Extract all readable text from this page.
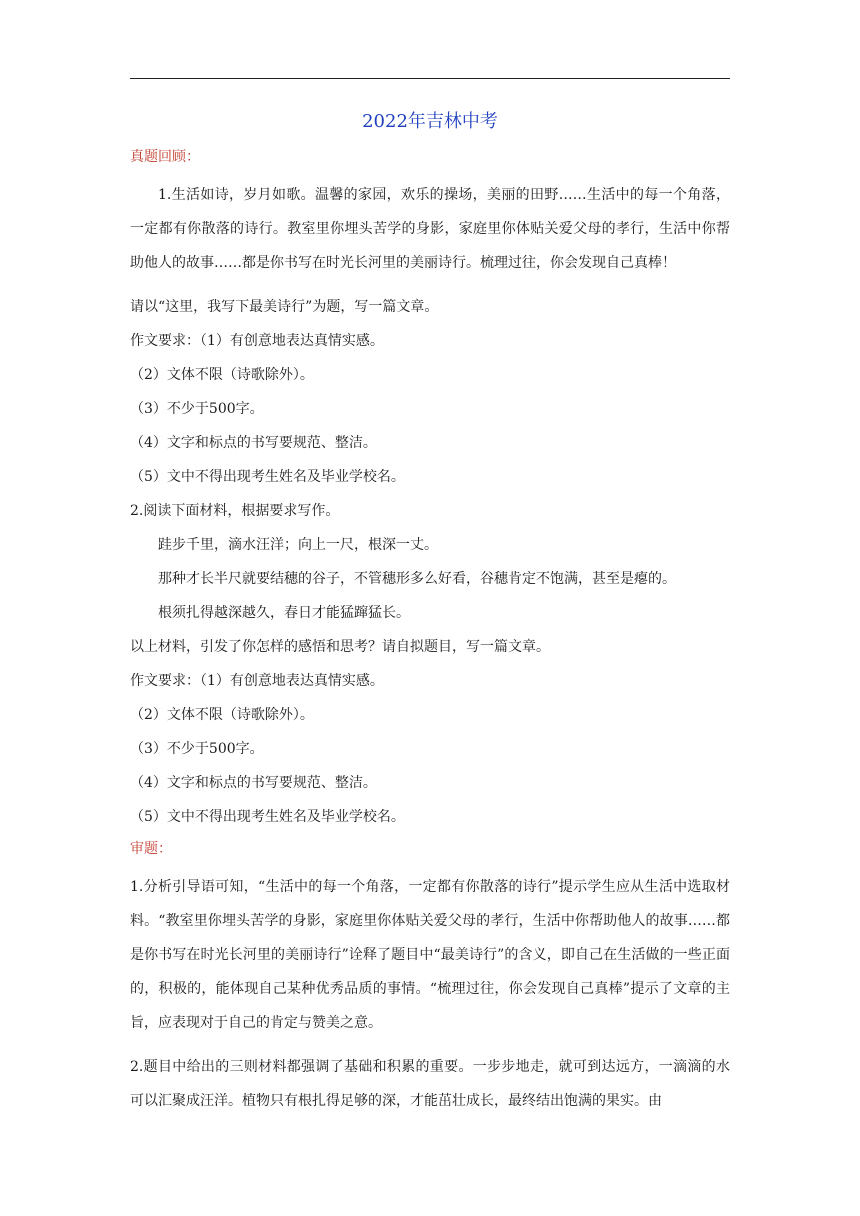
2022年吉林中考
真题回顾：

1.生活如诗，岁月如歌。温馨的家园，欢乐的操场，美丽的田野……生活中的每一个角落，一定都有你散落的诗行。教室里你埋头苦学的身影，家庭里你体贴关爱父母的孝行，生活中你帮助他人的故事……都是你书写在时光长河里的美丽诗行。梳理过往，你会发现自己真棒！

请以“这里，我写下最美诗行”为题，写一篇文章。

作文要求：（1）有创意地表达真情实感。

（2）文体不限（诗歌除外）。

（3）不少于500字。

（4）文字和标点的书写要规范、整洁。

（5）文中不得出现考生姓名及毕业学校名。

2.阅读下面材料，根据要求写作。

跬步千里，滴水汪洋；向上一尺，根深一丈。

那种才长半尺就要结穗的谷子，不管穗形多么好看，谷穗肯定不饱满，甚至是瘪的。

根须扎得越深越久，春日才能猛蹿猛长。

以上材料，引发了你怎样的感悟和思考？请自拟题目，写一篇文章。

作文要求：（1）有创意地表达真情实感。

（2）文体不限（诗歌除外）。

（3）不少于500字。

（4）文字和标点的书写要规范、整洁。

（5）文中不得出现考生姓名及毕业学校名。

审题：

1.分析引导语可知，“生活中的每一个角落，一定都有你散落的诗行”提示学生应从生活中选取材料。“教室里你埋头苦学的身影，家庭里你体贴关爱父母的孝行，生活中你帮助他人的故事……都是你书写在时光长河里的美丽诗行”诠释了题目中“最美诗行”的含义，即自己在生活做的一些正面的，积极的，能体现自己某种优秀品质的事情。“梳理过往，你会发现自己真棒”提示了文章的主旨，应表现对于自己的肯定与赞美之意。

2.题目中给出的三则材料都强调了基础和积累的重要。一步步地走，就可到达远方，一滴滴的水可以汇聚成汪洋。植物只有根扎得足够的深，才能茁壮成长，最终结出饱满的果实。由
